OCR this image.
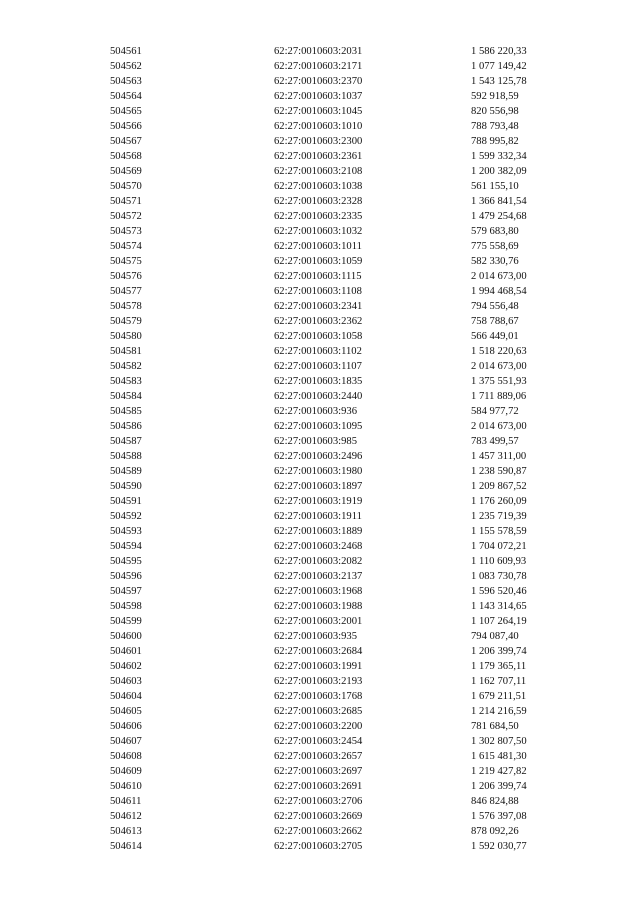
504561	62:27:0010603:2031	1 586 220,33
504562	62:27:0010603:2171	1 077 149,42
504563	62:27:0010603:2370	1 543 125,78
504564	62:27:0010603:1037	592 918,59
504565	62:27:0010603:1045	820 556,98
504566	62:27:0010603:1010	788 793,48
504567	62:27:0010603:2300	788 995,82
504568	62:27:0010603:2361	1 599 332,34
504569	62:27:0010603:2108	1 200 382,09
504570	62:27:0010603:1038	561 155,10
504571	62:27:0010603:2328	1 366 841,54
504572	62:27:0010603:2335	1 479 254,68
504573	62:27:0010603:1032	579 683,80
504574	62:27:0010603:1011	775 558,69
504575	62:27:0010603:1059	582 330,76
504576	62:27:0010603:1115	2 014 673,00
504577	62:27:0010603:1108	1 994 468,54
504578	62:27:0010603:2341	794 556,48
504579	62:27:0010603:2362	758 788,67
504580	62:27:0010603:1058	566 449,01
504581	62:27:0010603:1102	1 518 220,63
504582	62:27:0010603:1107	2 014 673,00
504583	62:27:0010603:1835	1 375 551,93
504584	62:27:0010603:2440	1 711 889,06
504585	62:27:0010603:936	584 977,72
504586	62:27:0010603:1095	2 014 673,00
504587	62:27:0010603:985	783 499,57
504588	62:27:0010603:2496	1 457 311,00
504589	62:27:0010603:1980	1 238 590,87
504590	62:27:0010603:1897	1 209 867,52
504591	62:27:0010603:1919	1 176 260,09
504592	62:27:0010603:1911	1 235 719,39
504593	62:27:0010603:1889	1 155 578,59
504594	62:27:0010603:2468	1 704 072,21
504595	62:27:0010603:2082	1 110 609,93
504596	62:27:0010603:2137	1 083 730,78
504597	62:27:0010603:1968	1 596 520,46
504598	62:27:0010603:1988	1 143 314,65
504599	62:27:0010603:2001	1 107 264,19
504600	62:27:0010603:935	794 087,40
504601	62:27:0010603:2684	1 206 399,74
504602	62:27:0010603:1991	1 179 365,11
504603	62:27:0010603:2193	1 162 707,11
504604	62:27:0010603:1768	1 679 211,51
504605	62:27:0010603:2685	1 214 216,59
504606	62:27:0010603:2200	781 684,50
504607	62:27:0010603:2454	1 302 807,50
504608	62:27:0010603:2657	1 615 481,30
504609	62:27:0010603:2697	1 219 427,82
504610	62:27:0010603:2691	1 206 399,74
504611	62:27:0010603:2706	846 824,88
504612	62:27:0010603:2669	1 576 397,08
504613	62:27:0010603:2662	878 092,26
504614	62:27:0010603:2705	1 592 030,77
